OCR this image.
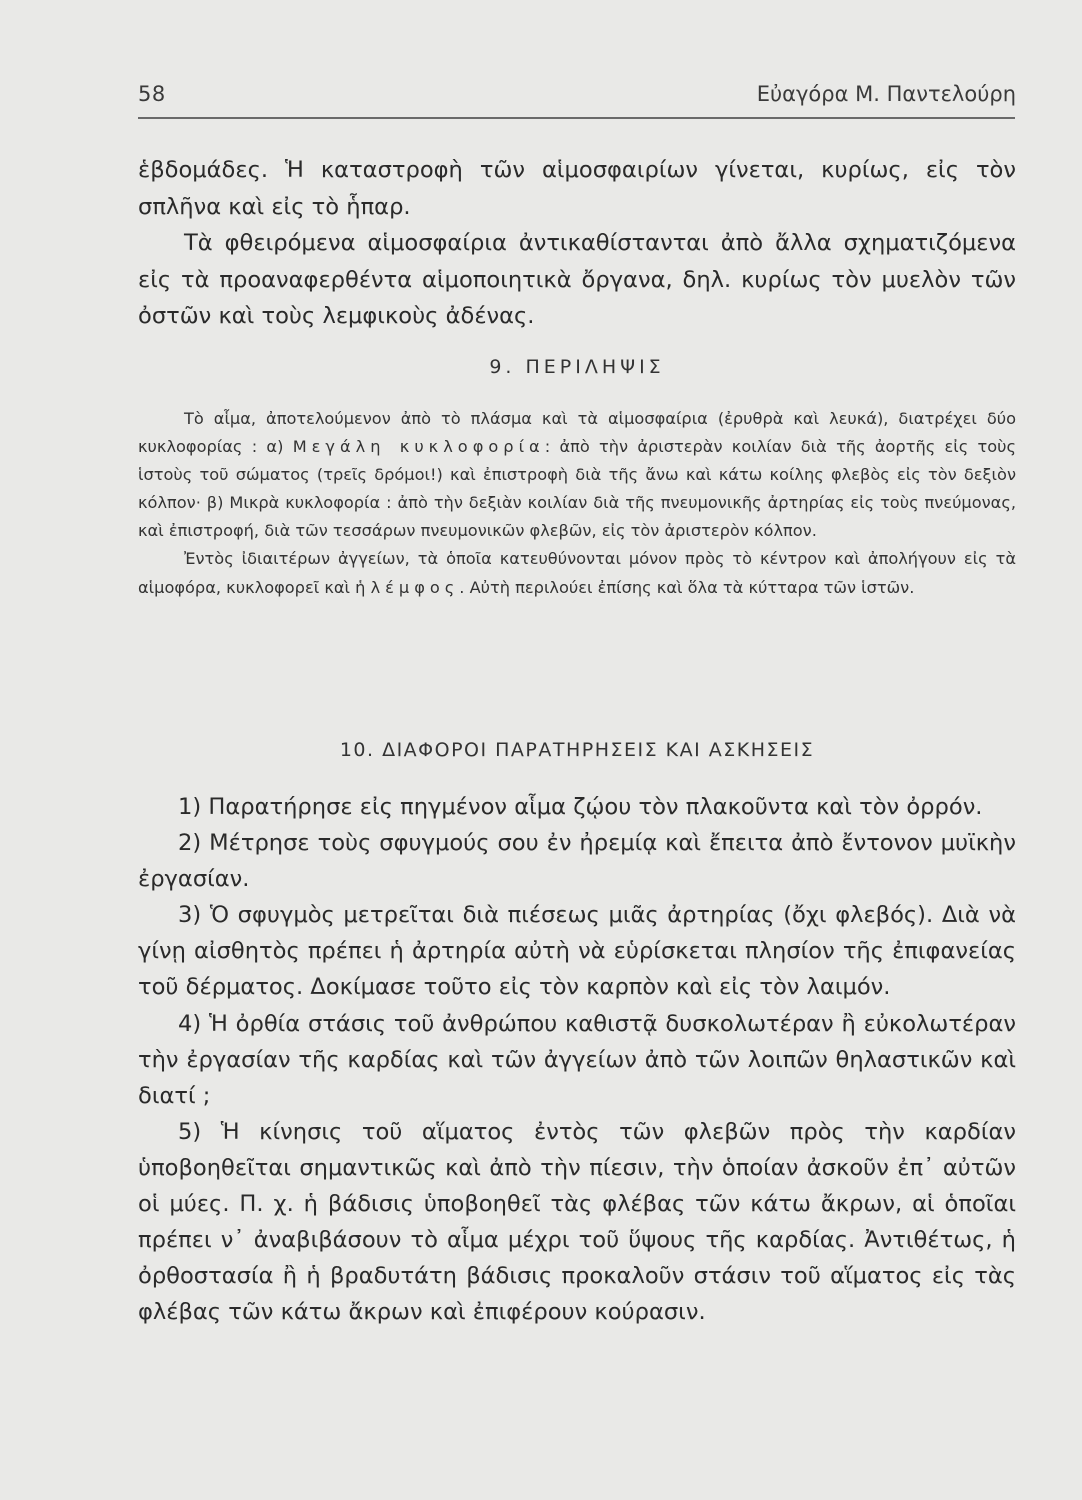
58	Εὐαγόρα Μ. Παντελούρη

ἑβδομάδες. Ἡ καταστροφὴ τῶν αἱμοσφαιρίων γίνεται, κυρίως, εἰς τὸν σπλῆνα καὶ εἰς τὸ ἧπαρ.

Τὰ φθειρόμενα αἱμοσφαίρια ἀντικαθίστανται ἀπὸ ἄλλα σχηματιζόμενα εἰς τὰ προαναφερθέντα αἱμοποιητικὰ ὄργανα, δηλ. κυρίως τὸν μυελὸν τῶν ὀστῶν καὶ τοὺς λεμφικοὺς ἀδένας.

9. ΠΕΡΙΛΗΨΙΣ

Τὸ αἷμα, ἀποτελούμενον ἀπὸ τὸ πλάσμα καὶ τὰ αἱμοσφαίρια (ἐρυθρὰ καὶ λευκά), διατρέχει δύο κυκλοφορίας : α) Μεγάλη κυκλοφορία: ἀπὸ τὴν ἀριστερὰν κοιλίαν διὰ τῆς ἀορτῆς εἰς τοὺς ἱστοὺς τοῦ σώματος (τρεῖς δρόμοι!) καὶ ἐπιστροφὴ διὰ τῆς ἄνω καὶ κάτω κοίλης φλεβὸς εἰς τὸν δεξιὸν κόλπον· β) Μικρὰ κυκλοφορία : ἀπὸ τὴν δεξιὰν κοιλίαν διὰ τῆς πνευμονικῆς ἀρτηρίας εἰς τοὺς πνεύμονας, καὶ ἐπιστροφή, διὰ τῶν τεσσάρων πνευμονικῶν φλεβῶν, εἰς τὸν ἀριστερὸν κόλπον.

Ἐντὸς ἰδιαιτέρων ἀγγείων, τὰ ὁποῖα κατευθύνονται μόνον πρὸς τὸ κέντρον καὶ ἀπολήγουν εἰς τὰ αἱμοφόρα, κυκλοφορεῖ καὶ ἡ λέμφος. Αὐτὴ περιλούει ἐπίσης καὶ ὅλα τὰ κύτταρα τῶν ἱστῶν.

10. ΔΙΑΦΟΡΟΙ ΠΑΡΑΤΗΡΗΣΕΙΣ ΚΑΙ ΑΣΚΗΣΕΙΣ

1) Παρατήρησε εἰς πηγμένον αἷμα ζῴου τὸν πλακοῦντα καὶ τὸν ὀρρόν.

2) Μέτρησε τοὺς σφυγμούς σου ἐν ἠρεμίᾳ καὶ ἔπειτα ἀπὸ ἔντονον μυϊκὴν ἐργασίαν.

3) Ὁ σφυγμὸς μετρεῖται διὰ πιέσεως μιᾶς ἀρτηρίας (ὄχι φλεβός). Διὰ νὰ γίνῃ αἰσθητὸς πρέπει ἡ ἀρτηρία αὐτὴ νὰ εὑρίσκεται πλησίον τῆς ἐπιφανείας τοῦ δέρματος. Δοκίμασε τοῦτο εἰς τὸν καρπὸν καὶ εἰς τὸν λαιμόν.

4) Ἡ ὀρθία στάσις τοῦ ἀνθρώπου καθιστᾷ δυσκολωτέραν ἢ εὐκολωτέραν τὴν ἐργασίαν τῆς καρδίας καὶ τῶν ἀγγείων ἀπὸ τῶν λοιπῶν θηλαστικῶν καὶ διατί ;

5) Ἡ κίνησις τοῦ αἵματος ἐντὸς τῶν φλεβῶν πρὸς τὴν καρδίαν ὑποβοηθεῖται σημαντικῶς καὶ ἀπὸ τὴν πίεσιν, τὴν ὁποίαν ἀσκοῦν ἐπ᾽ αὐτῶν οἱ μύες. Π. χ. ἡ βάδισις ὑποβοηθεῖ τὰς φλέβας τῶν κάτω ἄκρων, αἱ ὁποῖαι πρέπει ν᾽ ἀναβιβάσουν τὸ αἷμα μέχρι τοῦ ὕψους τῆς καρδίας. Ἀντιθέτως, ἡ ὀρθοστασία ἢ ἡ βραδυτάτη βάδισις προκαλοῦν στάσιν τοῦ αἵματος εἰς τὰς φλέβας τῶν κάτω ἄκρων καὶ ἐπιφέρουν κούρασιν.
